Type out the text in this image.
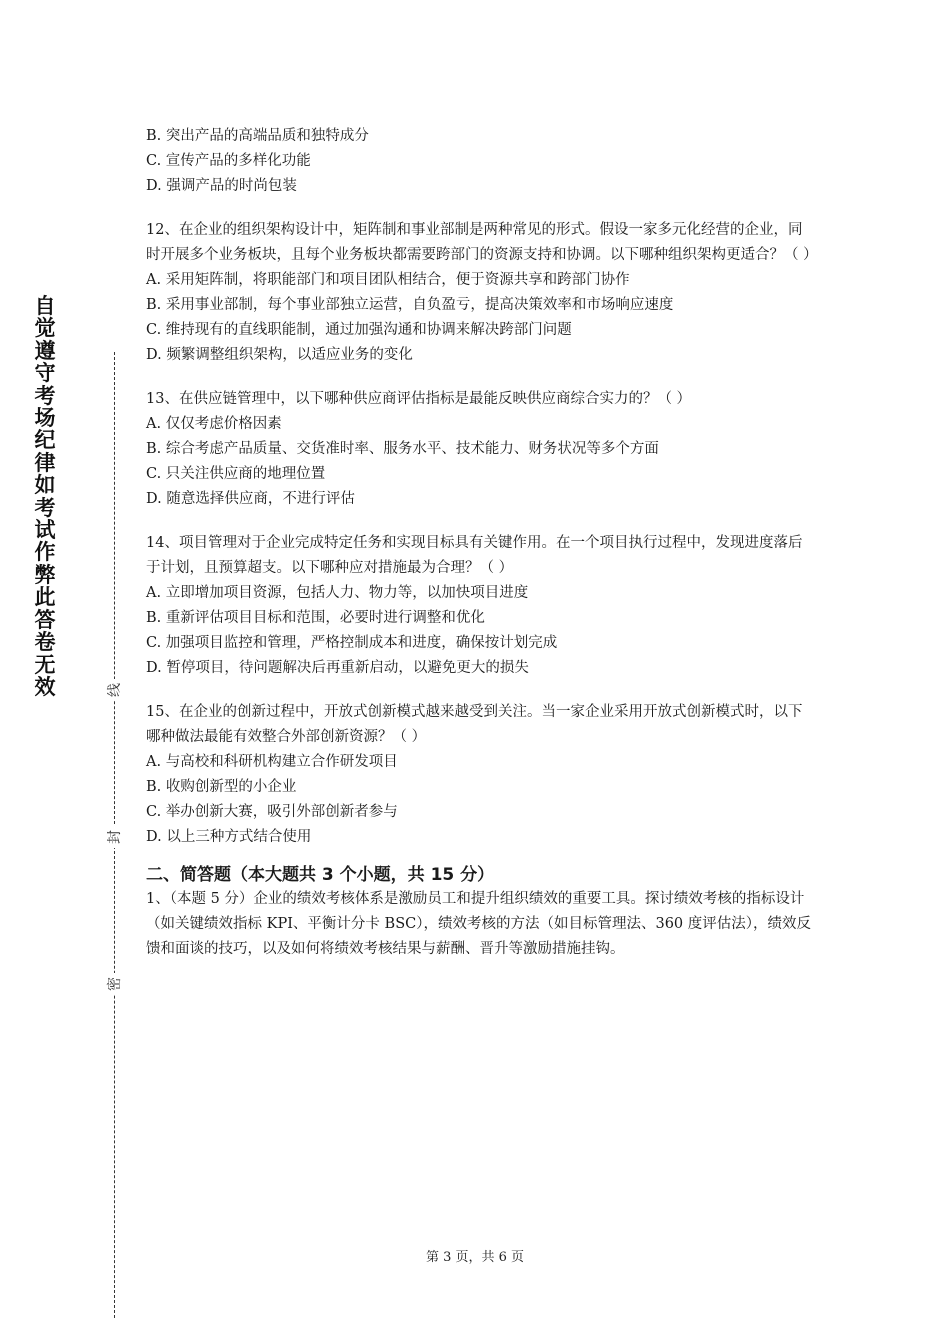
自觉遵守考场纪律如考试作弊此答卷无效	线
封
密
B. 突出产品的高端品质和独特成分
C. 宣传产品的多样化功能
D. 强调产品的时尚包装
12、在企业的组织架构设计中，矩阵制和事业部制是两种常见的形式。假设一家多元化经营的企业，同时开展多个业务板块，且每个业务板块都需要跨部门的资源支持和协调。以下哪种组织架构更适合？（ ）
A. 采用矩阵制，将职能部门和项目团队相结合，便于资源共享和跨部门协作
B. 采用事业部制，每个事业部独立运营，自负盈亏，提高决策效率和市场响应速度
C. 维持现有的直线职能制，通过加强沟通和协调来解决跨部门问题
D. 频繁调整组织架构，以适应业务的变化
13、在供应链管理中，以下哪种供应商评估指标是最能反映供应商综合实力的？（ ）
A. 仅仅考虑价格因素
B. 综合考虑产品质量、交货准时率、服务水平、技术能力、财务状况等多个方面
C. 只关注供应商的地理位置
D. 随意选择供应商，不进行评估
14、项目管理对于企业完成特定任务和实现目标具有关键作用。在一个项目执行过程中，发现进度落后于计划，且预算超支。以下哪种应对措施最为合理？（ ）
A. 立即增加项目资源，包括人力、物力等，以加快项目进度
B. 重新评估项目目标和范围，必要时进行调整和优化
C. 加强项目监控和管理，严格控制成本和进度，确保按计划完成
D. 暂停项目，待问题解决后再重新启动，以避免更大的损失
15、在企业的创新过程中，开放式创新模式越来越受到关注。当一家企业采用开放式创新模式时，以下哪种做法最能有效整合外部创新资源？（ ）
A. 与高校和科研机构建立合作研发项目
B. 收购创新型的小企业
C. 举办创新大赛，吸引外部创新者参与
D. 以上三种方式结合使用
二、简答题（本大题共 3 个小题，共 15 分）
1、（本题 5 分）企业的绩效考核体系是激励员工和提升组织绩效的重要工具。探讨绩效考核的指标设计（如关键绩效指标 KPI、平衡计分卡 BSC），绩效考核的方法（如目标管理法、360 度评估法），绩效反馈和面谈的技巧，以及如何将绩效考核结果与薪酬、晋升等激励措施挂钩。
第 3 页，共 6 页
